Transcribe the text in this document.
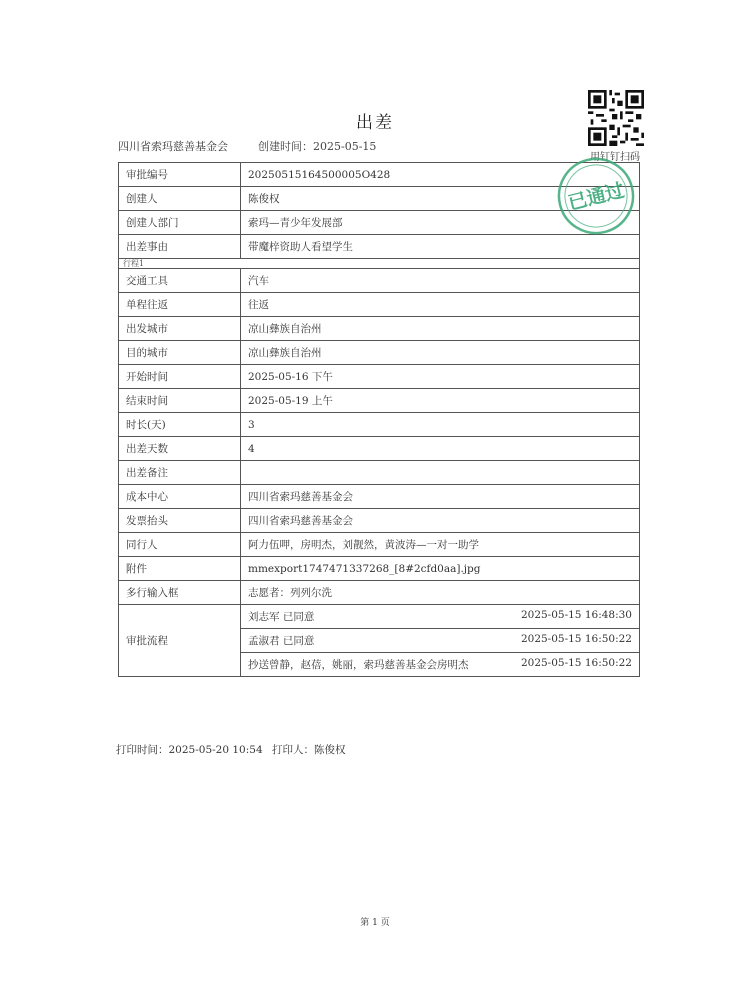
出差
四川省索玛慈善基金会	创建时间：2025-05-15
用钉钉扫码
审批编号	20250515164500005O428
创建人	陈俊权
创建人部门	索玛—青少年发展部
出差事由	带魔梓资助人看望学生
行程1	
交通工具	汽车
单程往返	往返
出发城市	凉山彝族自治州
目的城市	凉山彝族自治州
开始时间	2025-05-16 下午
结束时间	2025-05-19 上午
时长(天)	3
出差天数	4
出差备注	
成本中心	四川省索玛慈善基金会
发票抬头	四川省索玛慈善基金会
同行人	阿力伍呷，房明杰，刘靓然，黄波涛—一对一助学
附件	mmexport1747471337268_[8#2cfd0aa].jpg
多行输入框	志愿者：列列尔洗
审批流程	刘志军 已同意 2025-05-15 16:48:30

	孟淑君 已同意 2025-05-15 16:50:22

	抄送曾静，赵蓓，姚丽，索玛慈善基金会房明杰 2025-05-15 16:50:22
已通过
打印时间：2025-05-20 10:54 打印人：陈俊权
第 1 页
